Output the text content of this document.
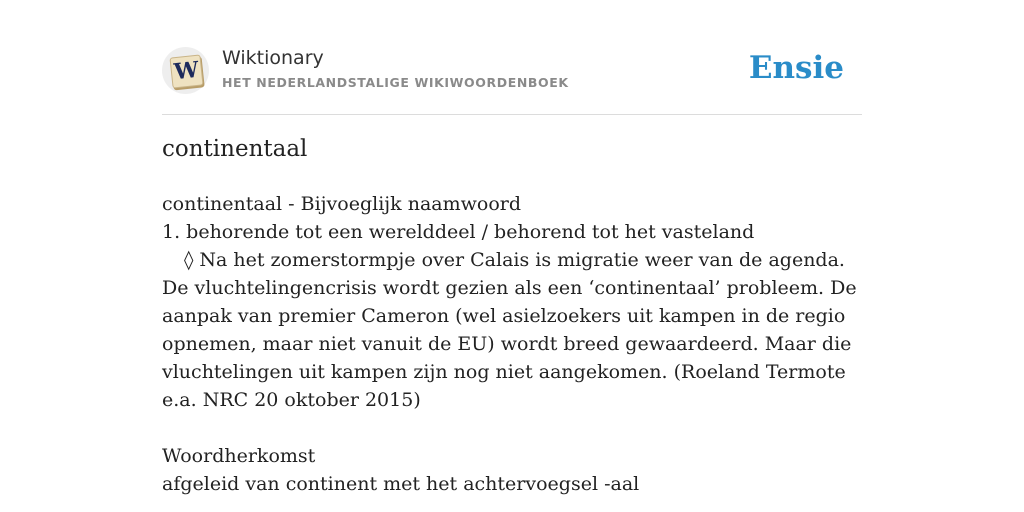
W Wiktionary
HET NEDERLANDSTALIGE WIKIWOORDENBOEK	Ensie
continentaal

continentaal - Bijvoeglijk naamwoord

1. behorende tot een werelddeel / behorend tot het vasteland

◊ Na het zomerstormpje over Calais is migratie weer van de agenda. De vluchtelingencrisis wordt gezien als een ‘continentaal’ probleem. De aanpak van premier Cameron (wel asielzoekers uit kampen in de regio opnemen, maar niet vanuit de EU) wordt breed gewaardeerd. Maar die vluchtelingen uit kampen zijn nog niet aangekomen. (Roeland Termote e.a. NRC 20 oktober 2015)

Woordherkomst

afgeleid van continent met het achtervoegsel -aal
